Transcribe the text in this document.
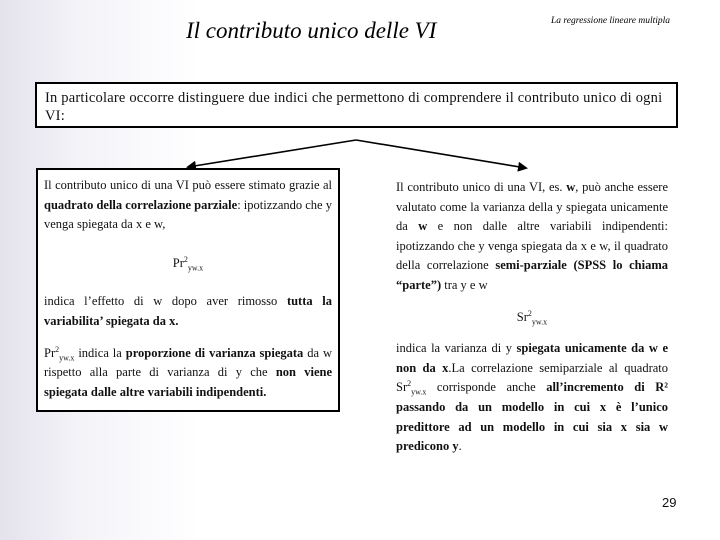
Il contributo unico delle VI	La regressione lineare multipla
In particolare occorre distinguere due indici che permettono di comprendere il contributo unico di ogni VI:

Il contributo unico di una VI può essere stimato grazie al quadrato della correlazione parziale: ipotizzando che y venga spiegata da x e w,

$Pr^2_{yw.x}$

indica l’effetto di w dopo aver rimosso tutta la variabilita’ spiegata da x.

$Pr^2_{yw.x}$ indica la proporzione di varianza spiegata da w rispetto alla parte di varianza di y che non viene spiegata dalle altre variabili indipendenti.

Il contributo unico di una VI, es. w, può anche essere valutato come la varianza della y spiegata unicamente da w e non dalle altre variabili indipendenti: ipotizzando che y venga spiegata da x e w, il quadrato della correlazione semi-parziale (SPSS lo chiama “parte”) tra y e w

$Sr^2_{yw.x}$

indica la varianza di y spiegata unicamente da w e non da x.La correlazione semiparziale al quadrato $Sr^2_{yw.x}$ corrisponde anche all’incremento di R² passando da un modello in cui x è l’unico predittore ad un modello in cui sia x sia w predicono y.

29
